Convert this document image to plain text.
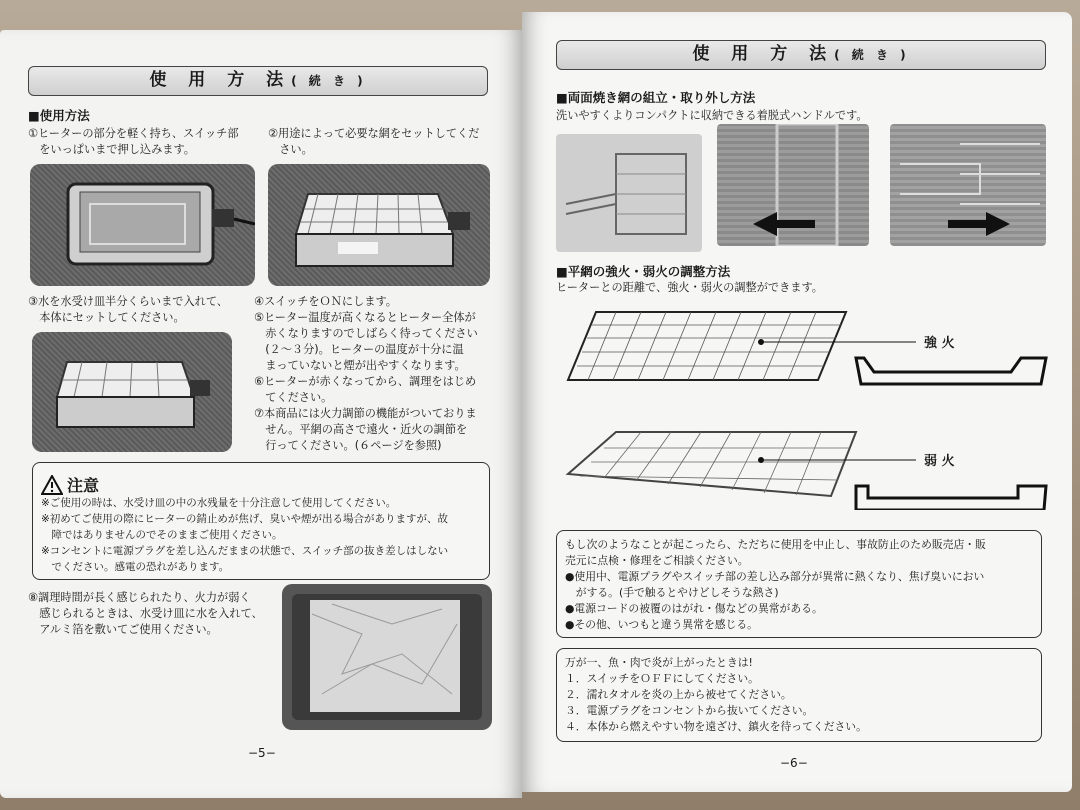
使 用 方 法( 続 き )
■使用方法
①ヒーターの部分を軽く持ち、スイッチ部
　をいっぱいまで押し込みます。
②用途によって必要な網をセットしてくだ
　さい。
③水を水受け皿半分くらいまで入れて、
　本体にセットしてください。
④スイッチをＯＮにします。
⑤ヒーター温度が高くなるとヒーター全体が
　赤くなりますのでしばらく待ってください
　(２～３分)。ヒーターの温度が十分に温
　まっていないと煙が出やすくなります。
⑥ヒーターが赤くなってから、調理をはじめ
　てください。
⑦本商品には火力調節の機能がついておりま
　せん。平網の高さで遠火・近火の調節を
　行ってください。(６ページを参照)
注意
※ご使用の時は、水受け皿の中の水残量を十分注意して使用してください。
※初めてご使用の際にヒーターの錆止めが焦げ、臭いや煙が出る場合がありますが、故
　障ではありませんのでそのままご使用ください。
※コンセントに電源プラグを差し込んだままの状態で、スイッチ部の抜き差しはしない
　でください。感電の恐れがあります。
⑧調理時間が長く感じられたり、火力が弱く
　感じられるときは、水受け皿に水を入れて、
　アルミ箔を敷いてご使用ください。
−5−
使 用 方 法( 続 き )
■両面焼き網の組立・取り外し方法
洗いやすくよりコンパクトに収納できる着脱式ハンドルです。
■平網の強火・弱火の調整方法
ヒーターとの距離で、強火・弱火の調整ができます。
強 火
弱 火
もし次のようなことが起こったら、ただちに使用を中止し、事故防止のため販売店・販
売元に点検・修理をご相談ください。
●使用中、電源プラグやスイッチ部の差し込み部分が異常に熱くなり、焦げ臭いにおい
　がする。(手で触るとやけどしそうな熱さ)
●電源コードの被覆のはがれ・傷などの異常がある。
●その他、いつもと違う異常を感じる。
万が一、魚・肉で炎が上がったときは!
１．スイッチをＯＦＦにしてください。
２．濡れタオルを炎の上から被せてください。
３．電源プラグをコンセントから抜いてください。
４．本体から燃えやすい物を遠ざけ、鎮火を待ってください。
−6−
